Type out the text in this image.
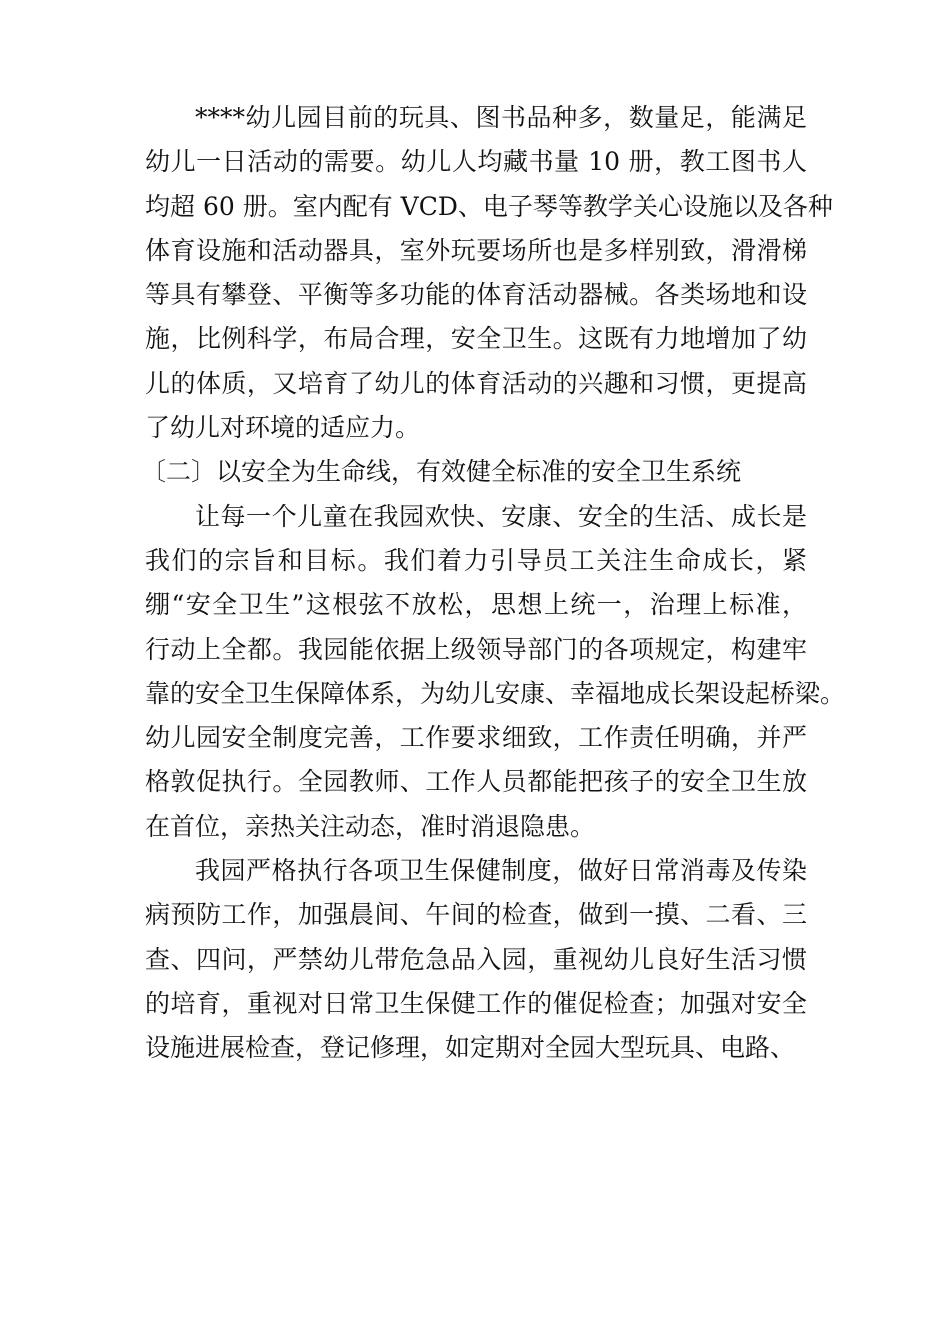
****幼儿园目前的玩具、图书品种多，数量足，能满足
幼儿一日活动的需要。幼儿人均藏书量 10 册，教工图书人
均超 60 册。室内配有 VCD、电子琴等教学关心设施以及各种
体育设施和活动器具，室外玩要场所也是多样别致，滑滑梯
等具有攀登、平衡等多功能的体育活动器械。各类场地和设
施，比例科学，布局合理，安全卫生。这既有力地增加了幼
儿的体质，又培育了幼儿的体育活动的兴趣和习惯，更提高
了幼儿对环境的适应力。
〔二〕以安全为生命线，有效健全标准的安全卫生系统
让每一个儿童在我园欢快、安康、安全的生活、成长是
我们的宗旨和目标。我们着力引导员工关注生命成长，紧
绷“安全卫生”这根弦不放松，思想上统一，治理上标准，
行动上全都。我园能依据上级领导部门的各项规定，构建牢
靠的安全卫生保障体系，为幼儿安康、幸福地成长架设起桥梁。
幼儿园安全制度完善，工作要求细致，工作责任明确，并严
格敦促执行。全园教师、工作人员都能把孩子的安全卫生放
在首位，亲热关注动态，准时消退隐患。
我园严格执行各项卫生保健制度，做好日常消毒及传染
病预防工作，加强晨间、午间的检查，做到一摸、二看、三
查、四问，严禁幼儿带危急品入园，重视幼儿良好生活习惯
的培育，重视对日常卫生保健工作的催促检查；加强对安全
设施进展检查，登记修理，如定期对全园大型玩具、电路、
